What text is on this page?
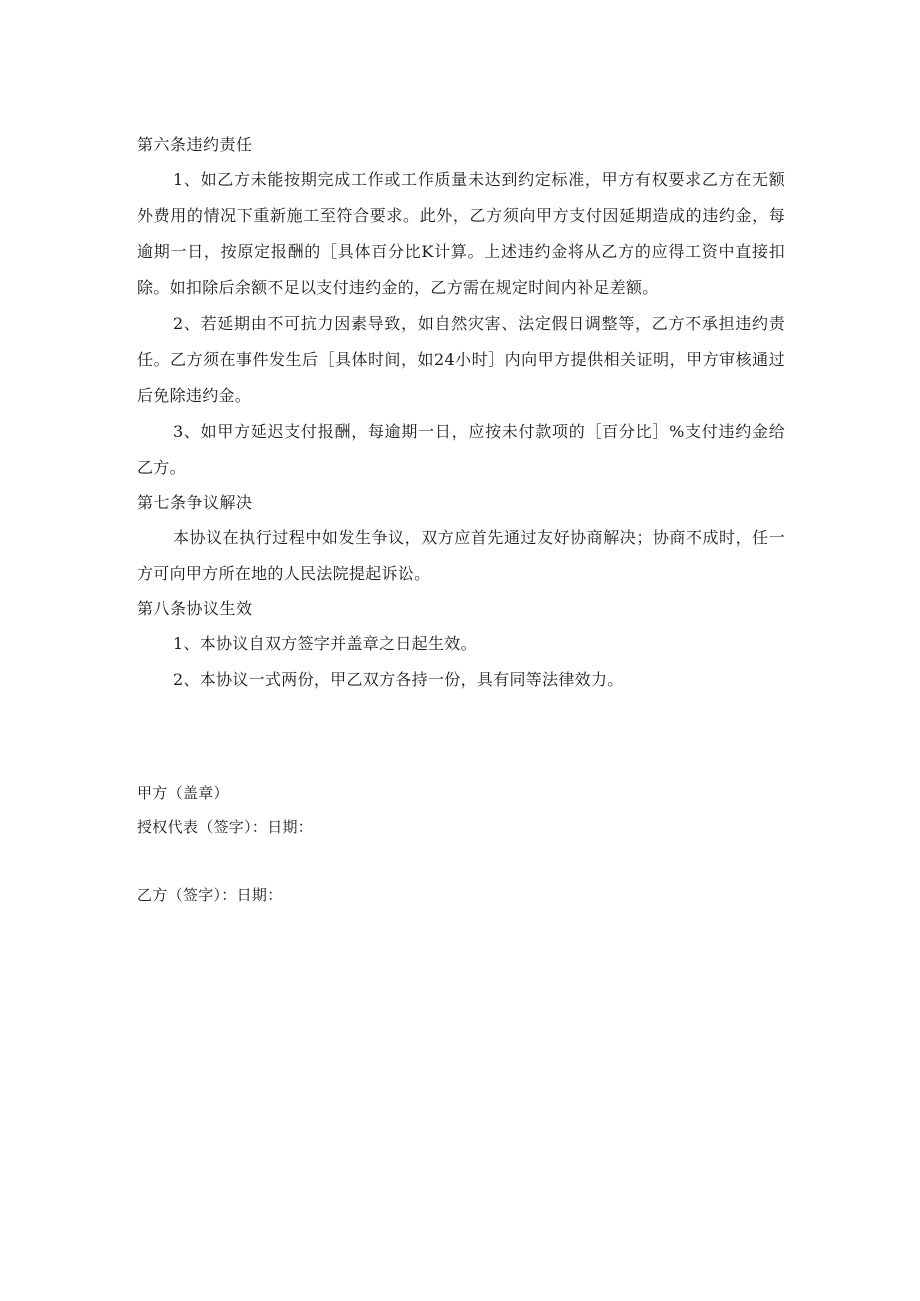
第六条违约责任

1、如乙方未能按期完成工作或工作质量未达到约定标准，甲方有权要求乙方在无额外费用的情况下重新施工至符合要求。此外，乙方须向甲方支付因延期造成的违约金，每逾期一日，按原定报酬的［具体百分比K计算。上述违约金将从乙方的应得工资中直接扣除。如扣除后余额不足以支付违约金的，乙方需在规定时间内补足差额。

2、若延期由不可抗力因素导致，如自然灾害、法定假日调整等，乙方不承担违约责任。乙方须在事件发生后［具体时间，如24小时］内向甲方提供相关证明，甲方审核通过后免除违约金。

3、如甲方延迟支付报酬，每逾期一日，应按未付款项的［百分比］%支付违约金给乙方。

第七条争议解决

本协议在执行过程中如发生争议，双方应首先通过友好协商解决；协商不成时，任一方可向甲方所在地的人民法院提起诉讼。

第八条协议生效

1、本协议自双方签字并盖章之日起生效。

2、本协议一式两份，甲乙双方各持一份，具有同等法律效力。

甲方（盖章）

授权代表（签字）：日期：

乙方（签字）：日期：
